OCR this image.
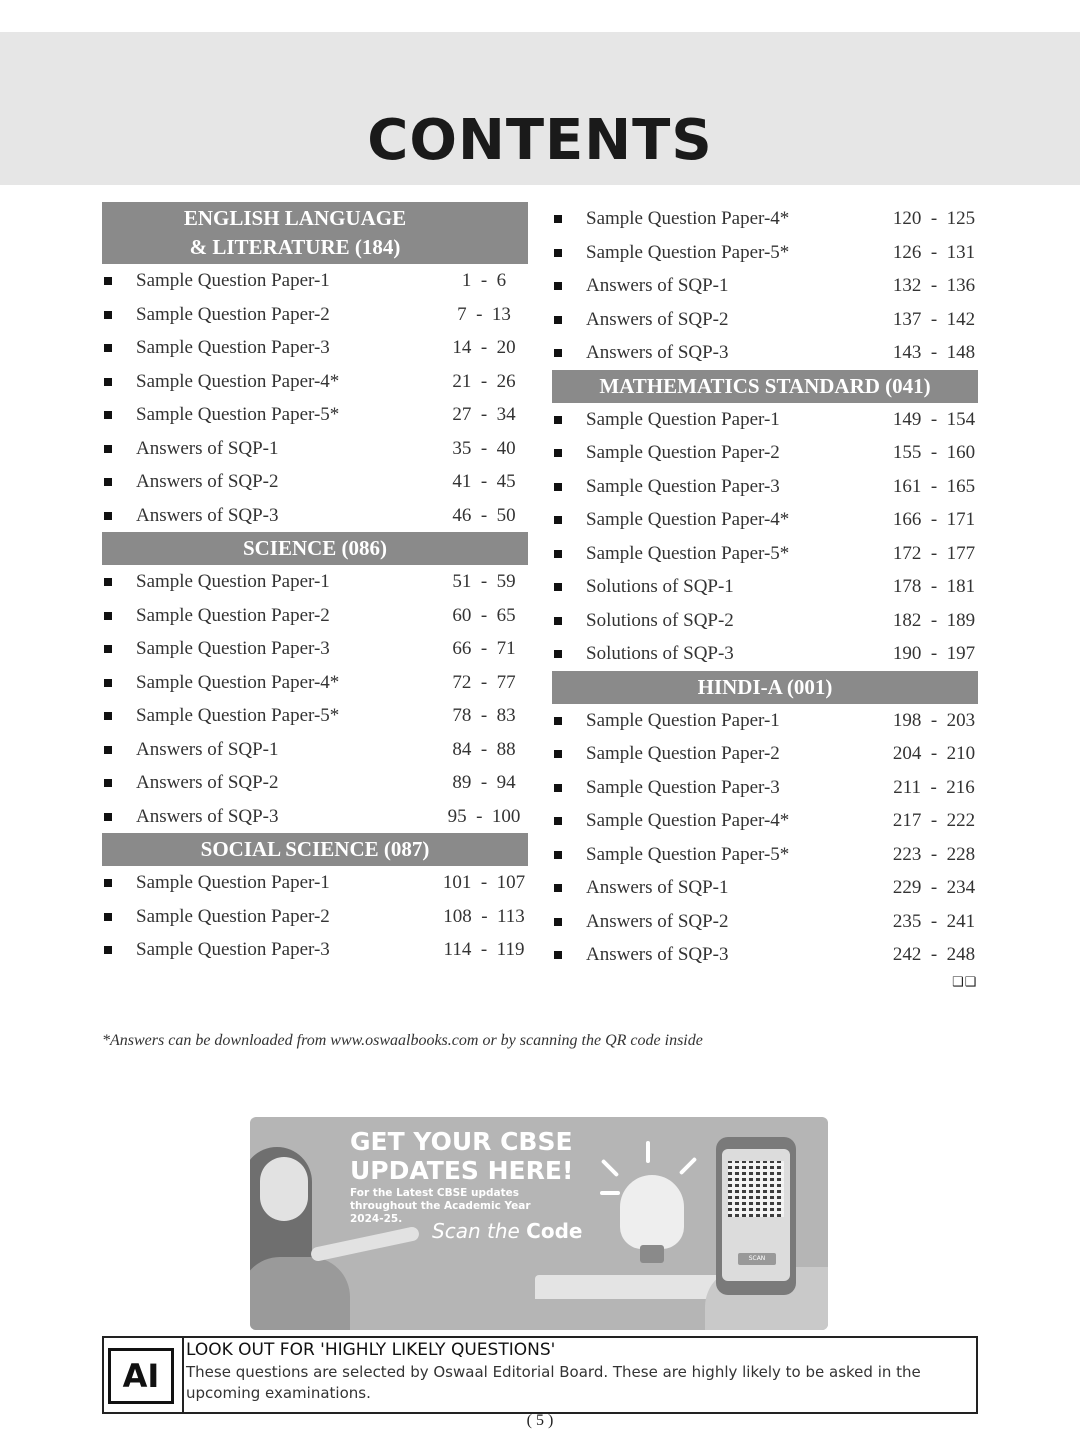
CONTENTS
ENGLISH LANGUAGE
& LITERATURE (184)
Sample Question Paper-1	1  -  6
Sample Question Paper-2	7  -  13
Sample Question Paper-3	14  -  20
Sample Question Paper-4*	21  -  26
Sample Question Paper-5*	27  -  34
Answers of SQP-1	35  -  40
Answers of SQP-2	41  -  45
Answers of SQP-3	46  -  50
SCIENCE (086)
Sample Question Paper-1	51  -  59
Sample Question Paper-2	60  -  65
Sample Question Paper-3	66  -  71
Sample Question Paper-4*	72  -  77
Sample Question Paper-5*	78  -  83
Answers of SQP-1	84  -  88
Answers of SQP-2	89  -  94
Answers of SQP-3	95  -  100
SOCIAL SCIENCE (087)
Sample Question Paper-1	101  -  107
Sample Question Paper-2	108  -  113
Sample Question Paper-3	114  -  119
Sample Question Paper-4*	120  -  125
Sample Question Paper-5*	126  -  131
Answers of SQP-1	132  -  136
Answers of SQP-2	137  -  142
Answers of SQP-3	143  -  148
MATHEMATICS STANDARD (041)
Sample Question Paper-1	149  -  154
Sample Question Paper-2	155  -  160
Sample Question Paper-3	161  -  165
Sample Question Paper-4*	166  -  171
Sample Question Paper-5*	172  -  177
Solutions of SQP-1	178  -  181
Solutions of SQP-2	182  -  189
Solutions of SQP-3	190  -  197
HINDI-A (001)
Sample Question Paper-1	198  -  203
Sample Question Paper-2	204  -  210
Sample Question Paper-3	211  -  216
Sample Question Paper-4*	217  -  222
Sample Question Paper-5*	223  -  228
Answers of SQP-1	229  -  234
Answers of SQP-2	235  -  241
Answers of SQP-3	242  -  248
❑❑
*Answers can be downloaded from www.oswaalbooks.com or by scanning the QR code inside
GET YOUR CBSE UPDATES HERE!
For the Latest CBSE updates throughout the Academic Year 2024-25.	Scan the Code
SCAN
AI
LOOK OUT FOR 'HIGHLY LIKELY QUESTIONS'
These questions are selected by Oswaal Editorial Board. These are highly likely to be asked in the upcoming examinations.
( 5 )
